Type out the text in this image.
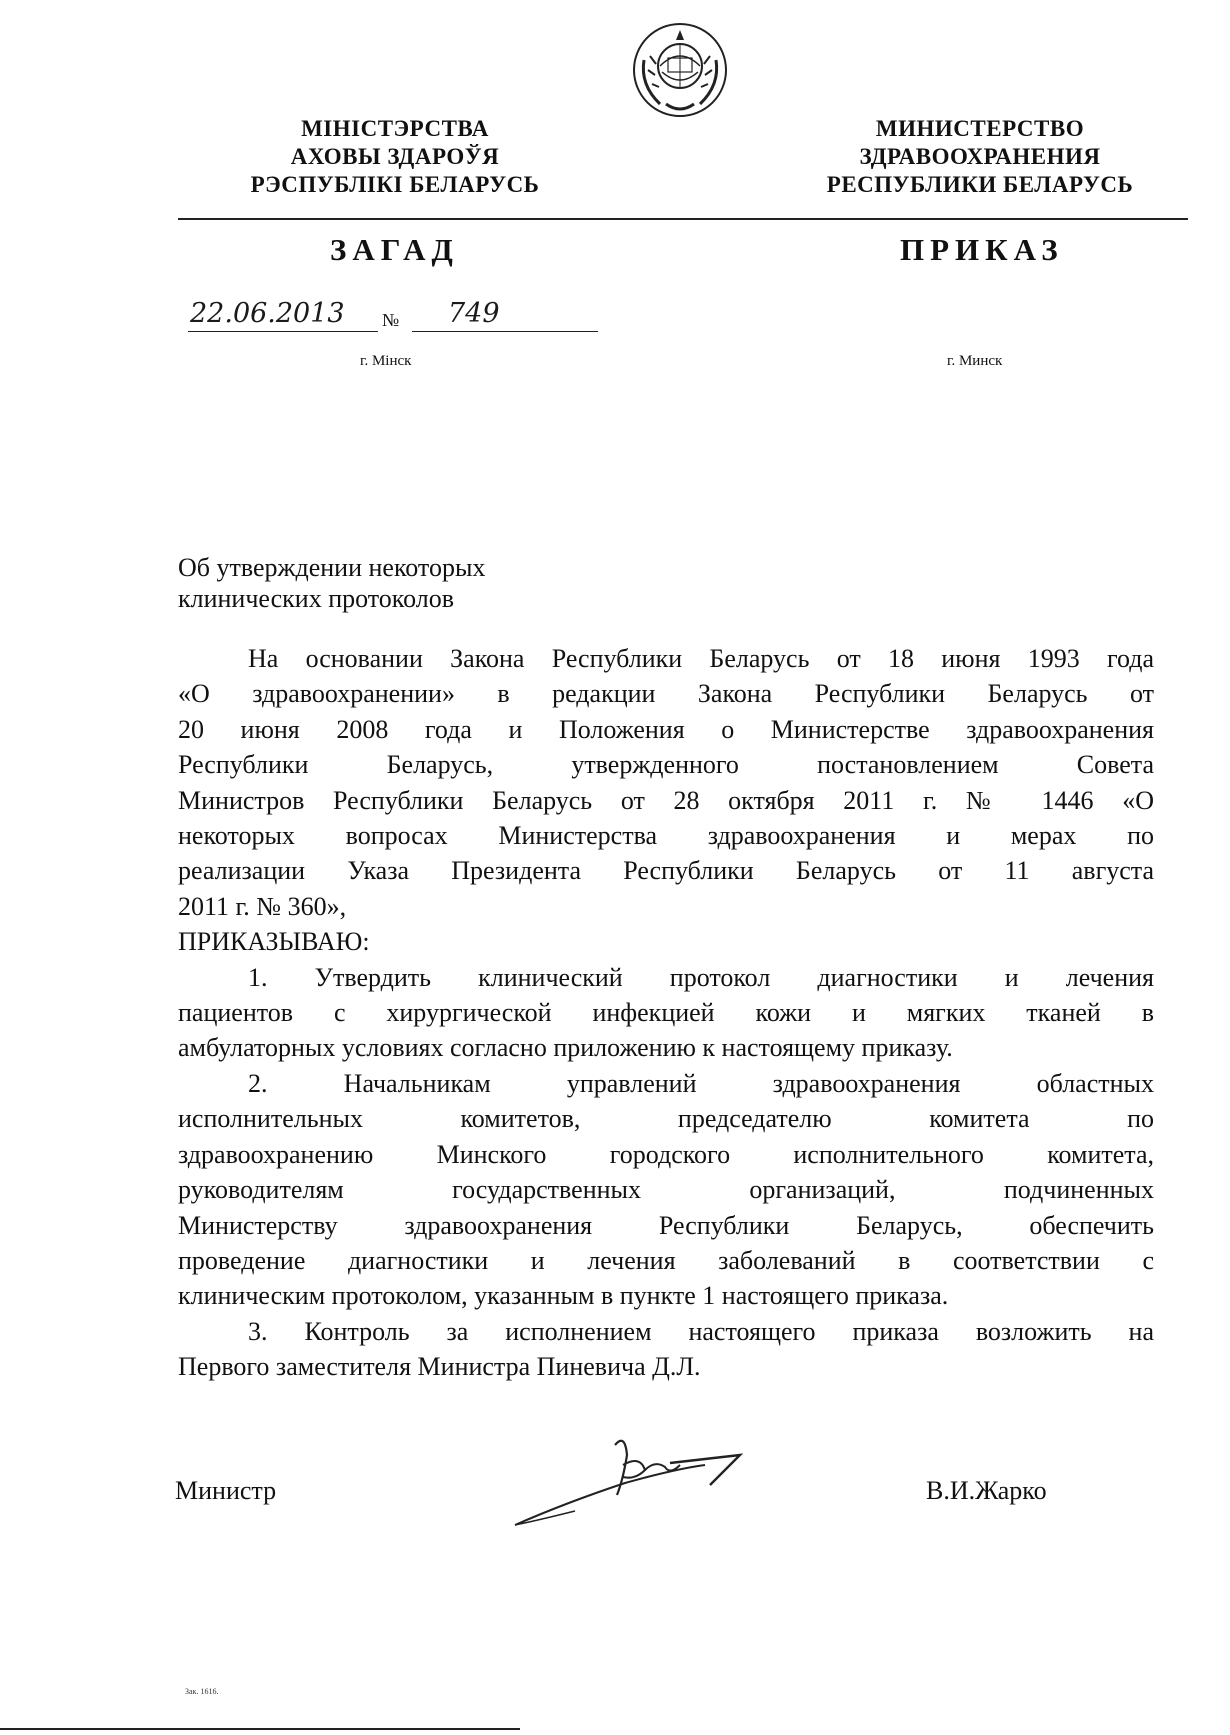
МІНІСТЭРСТВА
АХОВЫ ЗДАРОЎЯ
РЭСПУБЛІКІ БЕЛАРУСЬ
МИНИСТЕРСТВО
ЗДРАВООХРАНЕНИЯ
РЕСПУБЛИКИ БЕЛАРУСЬ
ЗАГАД	ПРИКАЗ
22.06.2013 № 749
г. Мінск	г. Минск
Об утверждении некоторых
клинических протоколов
На основании Закона Республики Беларусь от 18 июня 1993 года
«О здравоохранении» в редакции Закона Республики Беларусь от
20 июня 2008 года и Положения о Министерстве здравоохранения
Республики Беларусь, утвержденного постановлением Совета
Министров Республики Беларусь от 28 октября 2011 г. № 1446 «О
некоторых вопросах Министерства здравоохранения и мерах по
реализации Указа Президента Республики Беларусь от 11 августа
2011 г. № 360»,
ПРИКАЗЫВАЮ:
1. Утвердить клинический протокол диагностики и лечения
пациентов с хирургической инфекцией кожи и мягких тканей в
амбулаторных условиях согласно приложению к настоящему приказу.
2. Начальникам управлений здравоохранения областных
исполнительных комитетов, председателю комитета по
здравоохранению Минского городского исполнительного комитета,
руководителям государственных организаций, подчиненных
Министерству здравоохранения Республики Беларусь, обеспечить
проведение диагностики и лечения заболеваний в соответствии с
клиническим протоколом, указанным в пункте 1 настоящего приказа.
3. Контроль за исполнением настоящего приказа возложить на
Первого заместителя Министра Пиневича Д.Л.
Министр	В.И.Жарко
Зак. 1616.
